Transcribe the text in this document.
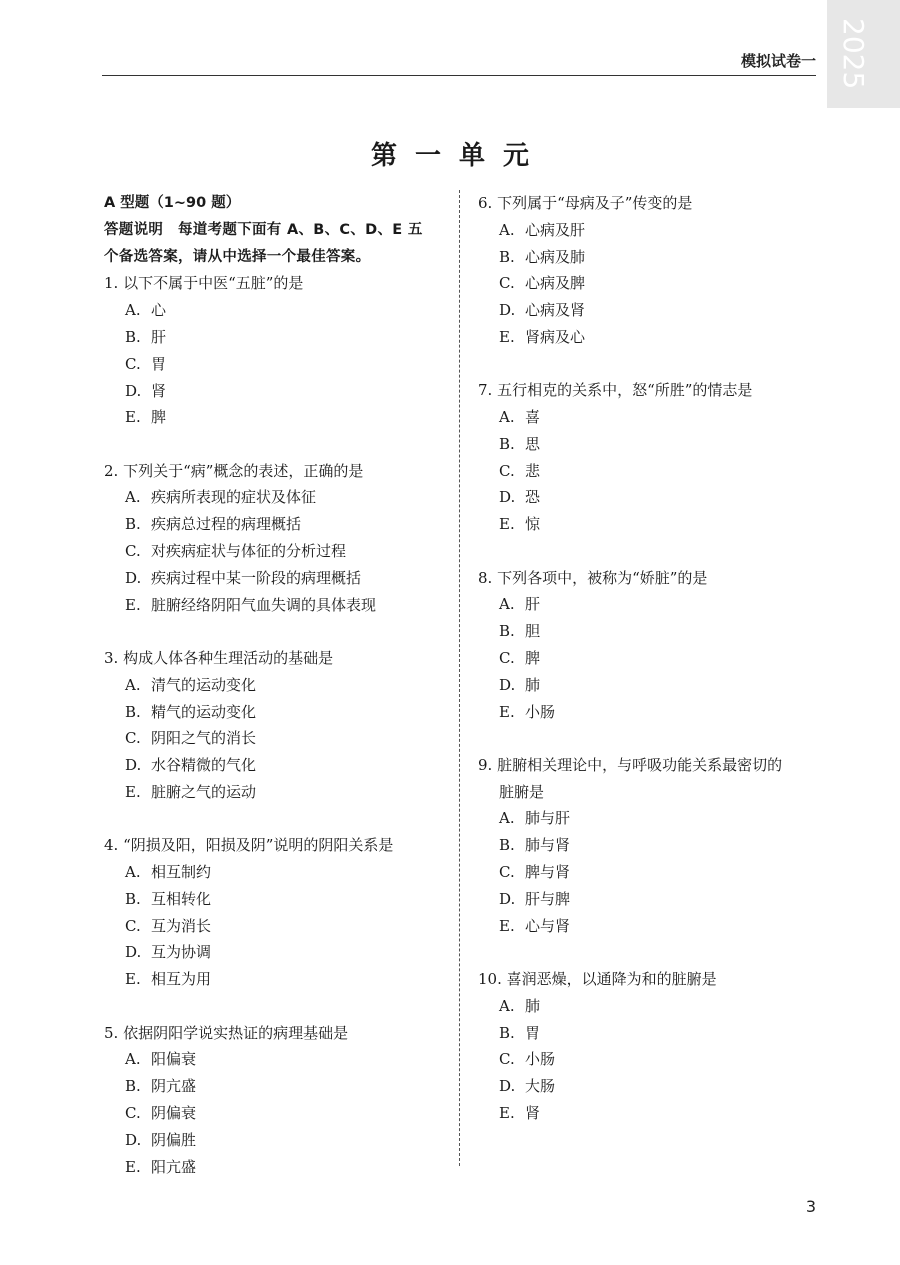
2025
模拟试卷一
第一单元
A 型题（1~90 题）
答题说明　每道考题下面有 A、B、C、D、E 五
个备选答案，请从中选择一个最佳答案。
1. 以下不属于中医“五脏”的是
A. 心
B. 肝
C. 胃
D. 肾
E. 脾
2. 下列关于“病”概念的表述，正确的是
A. 疾病所表现的症状及体征
B. 疾病总过程的病理概括
C. 对疾病症状与体征的分析过程
D. 疾病过程中某一阶段的病理概括
E. 脏腑经络阴阳气血失调的具体表现
3. 构成人体各种生理活动的基础是
A. 清气的运动变化
B. 精气的运动变化
C. 阴阳之气的消长
D. 水谷精微的气化
E. 脏腑之气的运动
4. “阴损及阳，阳损及阴”说明的阴阳关系是
A. 相互制约
B. 互相转化
C. 互为消长
D. 互为协调
E. 相互为用
5. 依据阴阳学说实热证的病理基础是
A. 阳偏衰
B. 阴亢盛
C. 阴偏衰
D. 阴偏胜
E. 阳亢盛
6. 下列属于“母病及子”传变的是
A. 心病及肝
B. 心病及肺
C. 心病及脾
D. 心病及肾
E. 肾病及心
7. 五行相克的关系中，怒“所胜”的情志是
A. 喜
B. 思
C. 悲
D. 恐
E. 惊
8. 下列各项中，被称为“娇脏”的是
A. 肝
B. 胆
C. 脾
D. 肺
E. 小肠
9. 脏腑相关理论中，与呼吸功能关系最密切的
脏腑是
A. 肺与肝
B. 肺与肾
C. 脾与肾
D. 肝与脾
E. 心与肾
10. 喜润恶燥，以通降为和的脏腑是
A. 肺
B. 胃
C. 小肠
D. 大肠
E. 肾
3
